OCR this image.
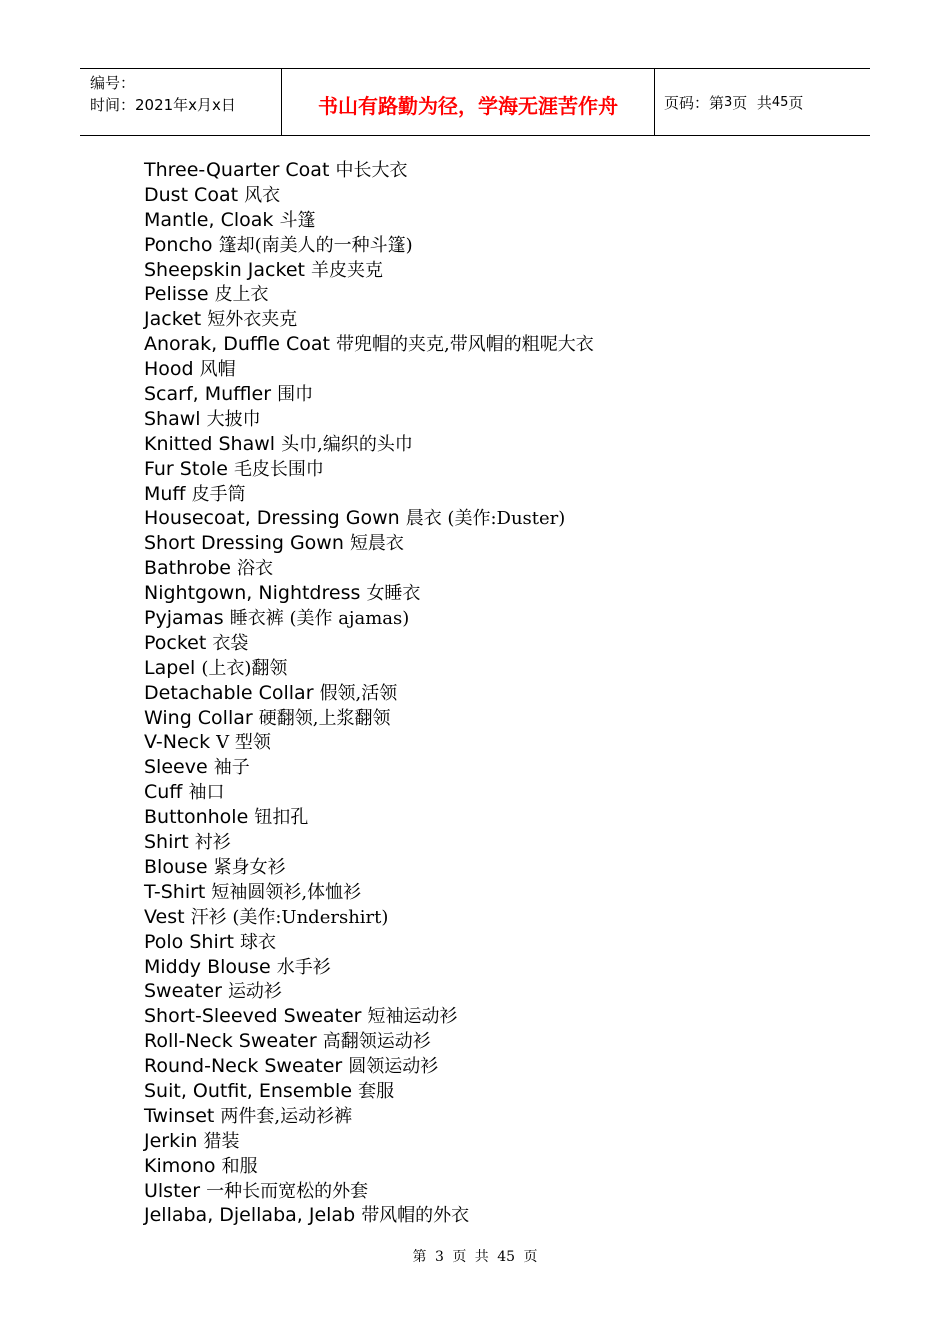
编号：
时间：2021年x月x日	书山有路勤为径，学海无涯苦作舟	页码：第 3 页  共 45 页
Three-Quarter Coat 中长大衣
Dust Coat 风衣
Mantle, Cloak 斗篷
Poncho 篷却(南美人的一种斗篷)
Sheepskin Jacket 羊皮夹克
Pelisse 皮上衣
Jacket 短外衣夹克
Anorak, Duffle Coat 带兜帽的夹克,带风帽的粗呢大衣
Hood 风帽
Scarf, Muffler 围巾
Shawl 大披巾
Knitted Shawl 头巾,编织的头巾
Fur Stole 毛皮长围巾
Muff 皮手筒
Housecoat, Dressing Gown 晨衣 (美作:Duster)
Short Dressing Gown 短晨衣
Bathrobe 浴衣
Nightgown, Nightdress 女睡衣
Pyjamas 睡衣裤 (美作 ajamas)
Pocket 衣袋
Lapel (上衣)翻领
Detachable Collar 假领,活领
Wing Collar 硬翻领,上浆翻领
V-Neck V 型领
Sleeve 袖子
Cuff 袖口
Buttonhole 钮扣孔
Shirt 衬衫
Blouse 紧身女衫
T-Shirt 短袖圆领衫,体恤衫
Vest 汗衫 (美作:Undershirt)
Polo Shirt 球衣
Middy Blouse 水手衫
Sweater 运动衫
Short-Sleeved Sweater 短袖运动衫
Roll-Neck Sweater 高翻领运动衫
Round-Neck Sweater 圆领运动衫
Suit, Outfit, Ensemble 套服
Twinset 两件套,运动衫裤
Jerkin 猎装
Kimono 和服
Ulster 一种长而宽松的外套
Jellaba, Djellaba, Jelab 带风帽的外衣
第 3 页 共 45 页
